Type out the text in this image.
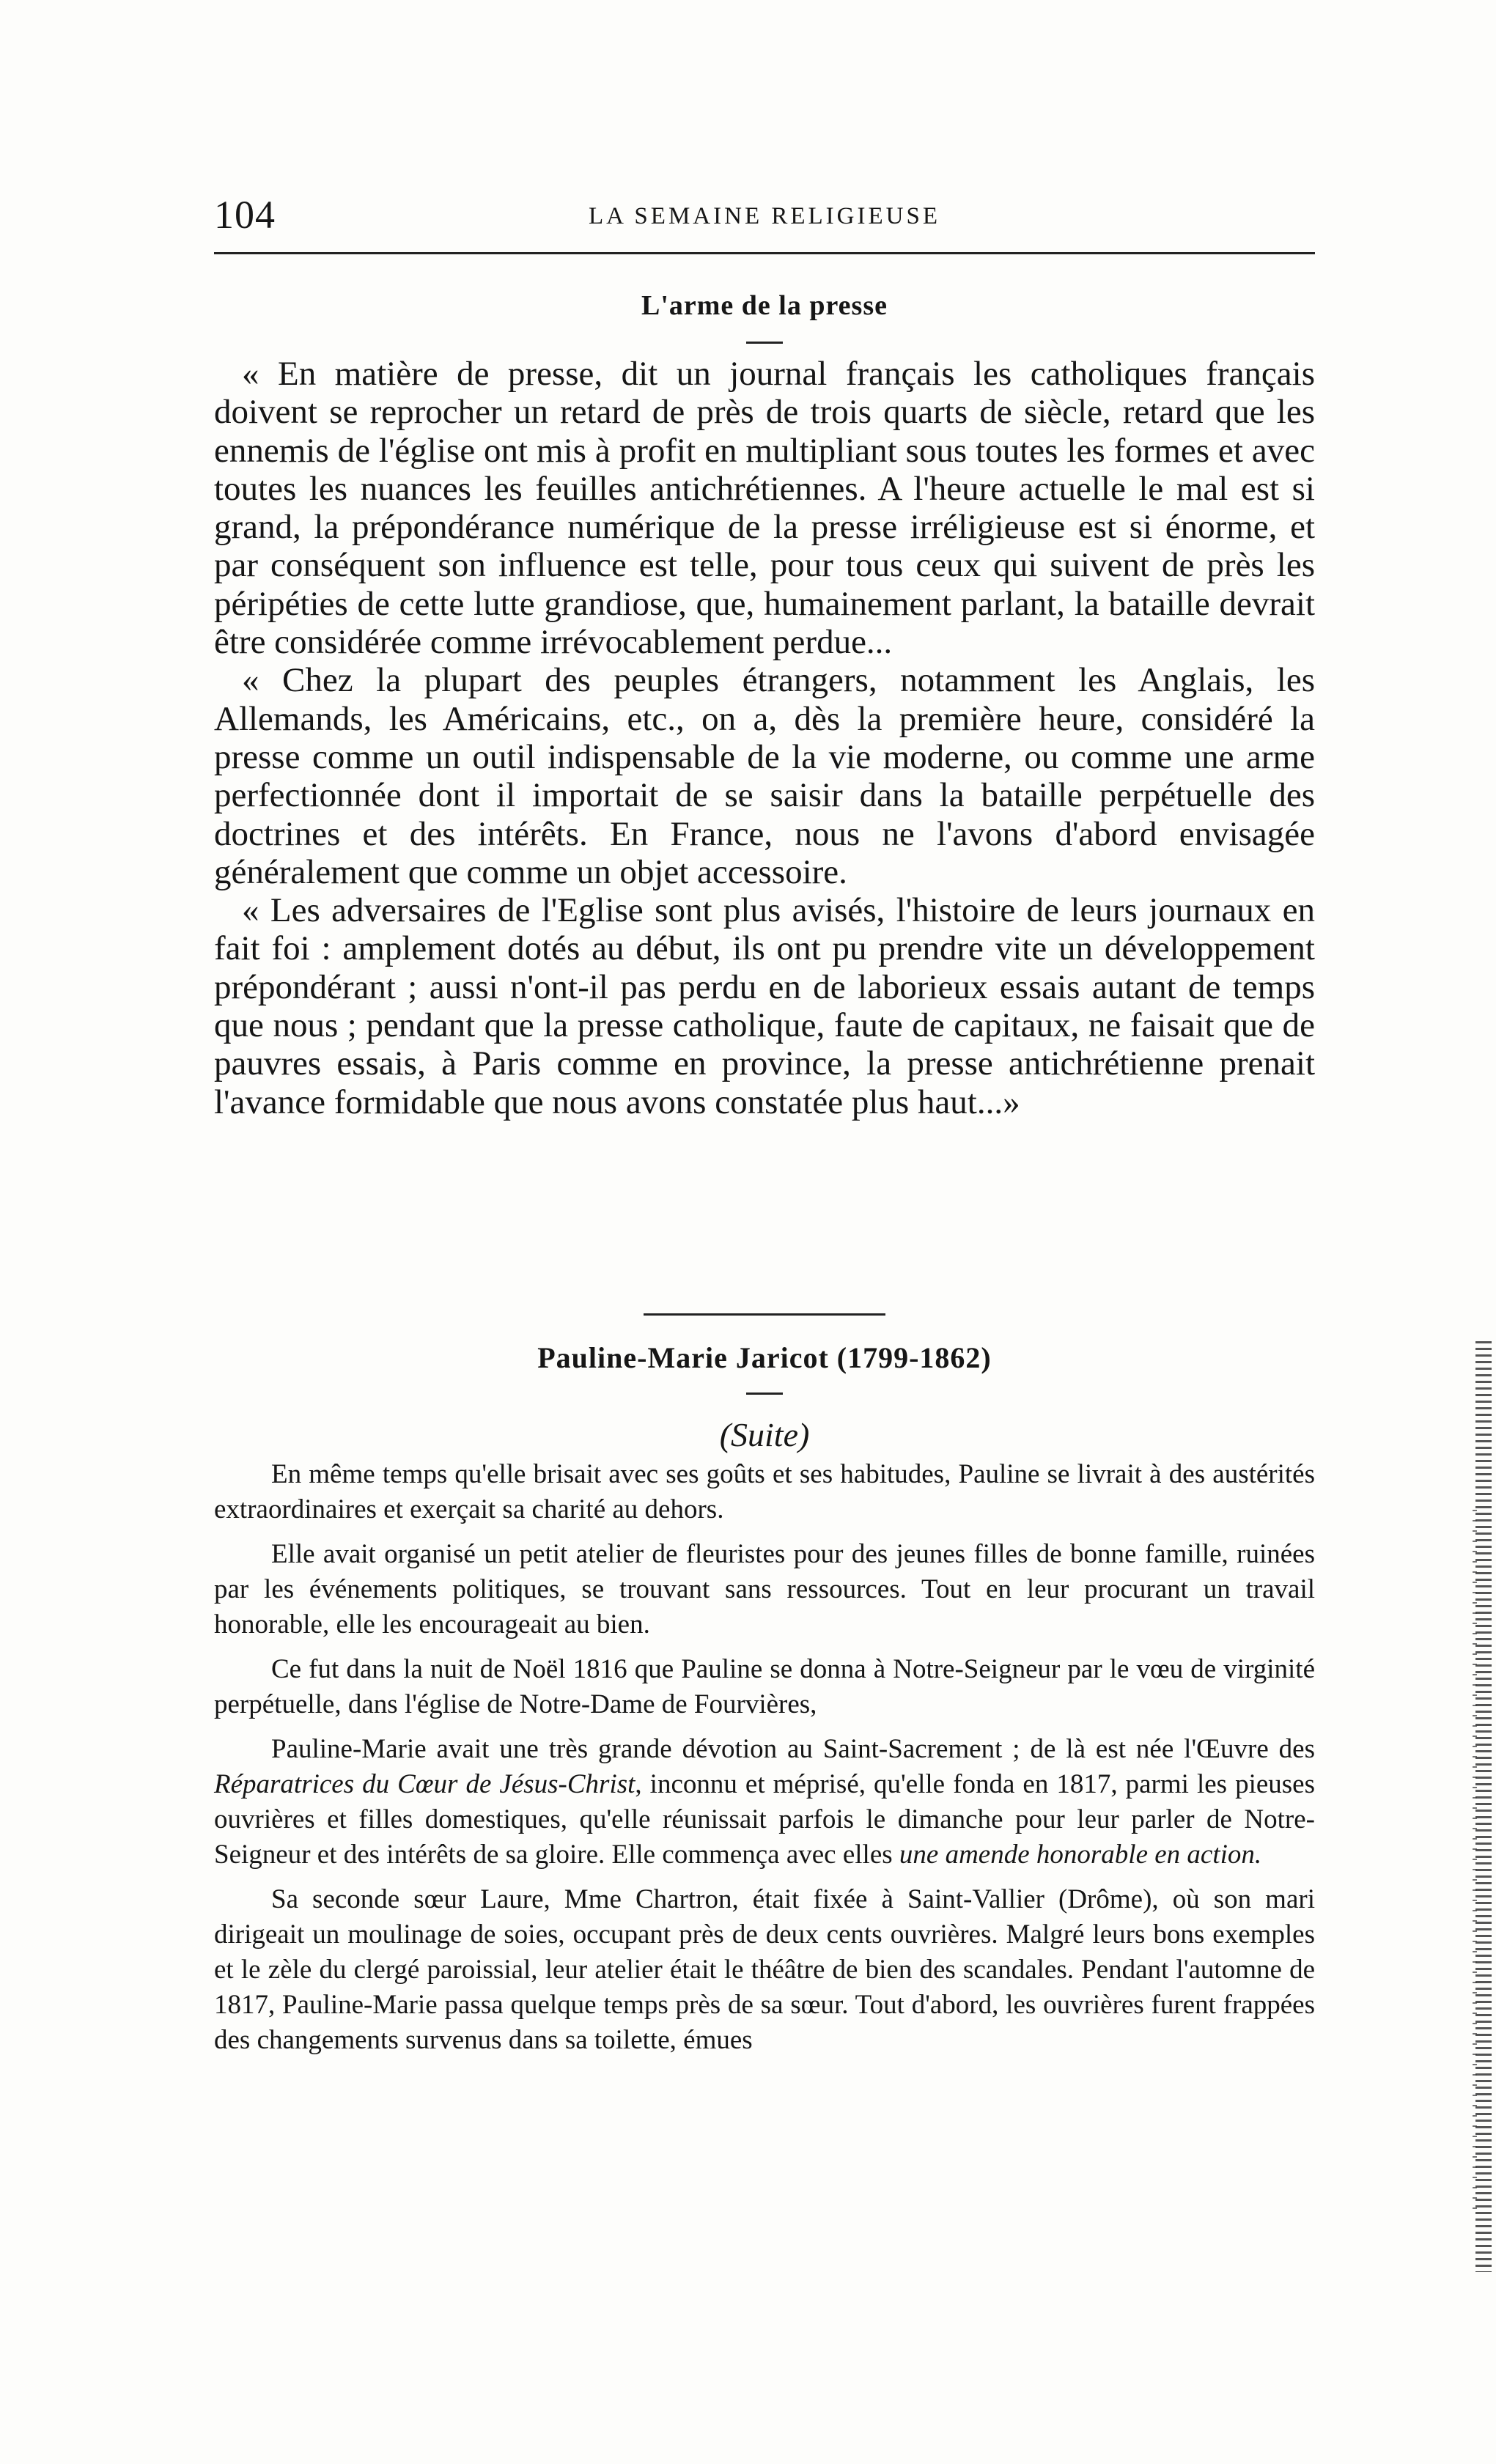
104	LA SEMAINE RELIGIEUSE
L'arme de la presse

« En matière de presse, dit un journal français les catholiques français doivent se reprocher un retard de près de trois quarts de siècle, retard que les ennemis de l'église ont mis à profit en multipliant sous toutes les formes et avec toutes les nuances les feuilles antichrétiennes. A l'heure actuelle le mal est si grand, la prépondérance numérique de la presse irréligieuse est si énorme, et par conséquent son influence est telle, pour tous ceux qui suivent de près les péripéties de cette lutte grandiose, que, humainement parlant, la bataille devrait être considérée comme irrévocablement perdue...

« Chez la plupart des peuples étrangers, notamment les Anglais, les Allemands, les Américains, etc., on a, dès la première heure, considéré la presse comme un outil indispensable de la vie moderne, ou comme une arme perfectionnée dont il importait de se saisir dans la bataille perpétuelle des doctrines et des intérêts. En France, nous ne l'avons d'abord envisagée généralement que comme un objet accessoire.

« Les adversaires de l'Eglise sont plus avisés, l'histoire de leurs journaux en fait foi : amplement dotés au début, ils ont pu prendre vite un développement prépondérant ; aussi n'ont-il pas perdu en de laborieux essais autant de temps que nous ; pendant que la presse catholique, faute de capitaux, ne faisait que de pauvres essais, à Paris comme en province, la presse antichrétienne prenait l'avance formidable que nous avons constatée plus haut...»

Pauline-Marie Jaricot (1799-1862)
(Suite)

En même temps qu'elle brisait avec ses goûts et ses habitudes, Pauline se livrait à des austérités extraordinaires et exerçait sa charité au dehors.

Elle avait organisé un petit atelier de fleuristes pour des jeunes filles de bonne famille, ruinées par les événements politiques, se trouvant sans ressources. Tout en leur procurant un travail honorable, elle les encourageait au bien.

Ce fut dans la nuit de Noël 1816 que Pauline se donna à Notre-Seigneur par le vœu de virginité perpétuelle, dans l'église de Notre-Dame de Fourvières,

Pauline-Marie avait une très grande dévotion au Saint-Sacrement ; de là est née l'Œuvre des Réparatrices du Cœur de Jésus-Christ, inconnu et méprisé, qu'elle fonda en 1817, parmi les pieuses ouvrières et filles domestiques, qu'elle réunissait parfois le dimanche pour leur parler de Notre-Seigneur et des intérêts de sa gloire. Elle commença avec elles une amende honorable en action.

Sa seconde sœur Laure, Mme Chartron, était fixée à Saint-Vallier (Drôme), où son mari dirigeait un moulinage de soies, occupant près de deux cents ouvrières. Malgré leurs bons exemples et le zèle du clergé paroissial, leur atelier était le théâtre de bien des scandales. Pendant l'automne de 1817, Pauline-Marie passa quelque temps près de sa sœur. Tout d'abord, les ouvrières furent frappées des changements survenus dans sa toilette, émues
